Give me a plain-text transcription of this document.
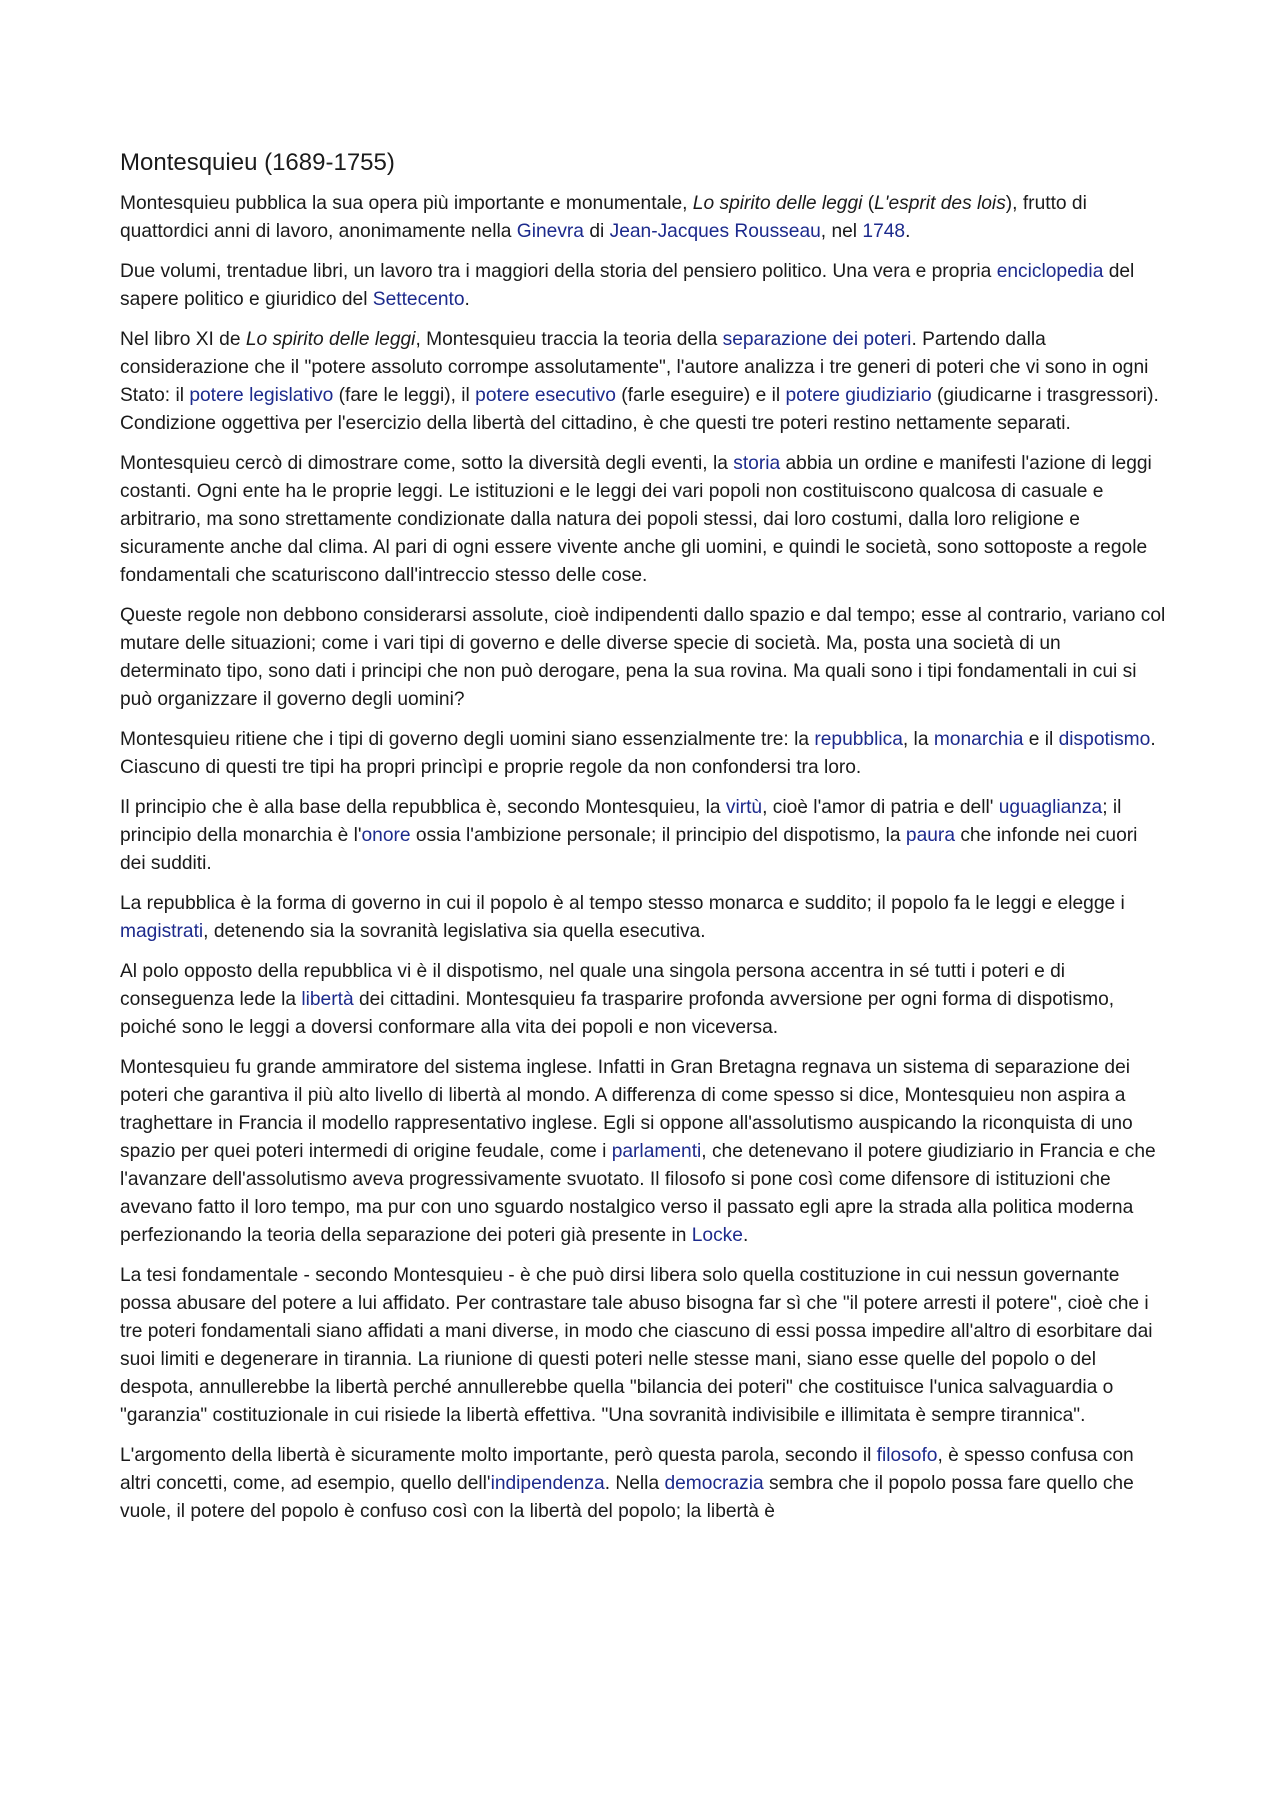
Montesquieu (1689-1755)

Montesquieu pubblica la sua opera più importante e monumentale, Lo spirito delle leggi (L'esprit des lois), frutto di quattordici anni di lavoro, anonimamente nella Ginevra di Jean-Jacques Rousseau, nel 1748.

Due volumi, trentadue libri, un lavoro tra i maggiori della storia del pensiero politico. Una vera e propria enciclopedia del sapere politico e giuridico del Settecento.

Nel libro XI de Lo spirito delle leggi, Montesquieu traccia la teoria della separazione dei poteri. Partendo dalla considerazione che il "potere assoluto corrompe assolutamente", l'autore analizza i tre generi di poteri che vi sono in ogni Stato: il potere legislativo (fare le leggi), il potere esecutivo (farle eseguire) e il potere giudiziario (giudicarne i trasgressori). Condizione oggettiva per l'esercizio della libertà del cittadino, è che questi tre poteri restino nettamente separati.

Montesquieu cercò di dimostrare come, sotto la diversità degli eventi, la storia abbia un ordine e manifesti l'azione di leggi costanti. Ogni ente ha le proprie leggi. Le istituzioni e le leggi dei vari popoli non costituiscono qualcosa di casuale e arbitrario, ma sono strettamente condizionate dalla natura dei popoli stessi, dai loro costumi, dalla loro religione e sicuramente anche dal clima. Al pari di ogni essere vivente anche gli uomini, e quindi le società, sono sottoposte a regole fondamentali che scaturiscono dall'intreccio stesso delle cose.

Queste regole non debbono considerarsi assolute, cioè indipendenti dallo spazio e dal tempo; esse al contrario, variano col mutare delle situazioni; come i vari tipi di governo e delle diverse specie di società. Ma, posta una società di un determinato tipo, sono dati i principi che non può derogare, pena la sua rovina. Ma quali sono i tipi fondamentali in cui si può organizzare il governo degli uomini?

Montesquieu ritiene che i tipi di governo degli uomini siano essenzialmente tre: la repubblica, la monarchia e il dispotismo.
Ciascuno di questi tre tipi ha propri princìpi e proprie regole da non confondersi tra loro.

Il principio che è alla base della repubblica è, secondo Montesquieu, la virtù, cioè l'amor di patria e dell' uguaglianza; il principio della monarchia è l'onore ossia l'ambizione personale; il principio del dispotismo, la paura che infonde nei cuori dei sudditi.

La repubblica è la forma di governo in cui il popolo è al tempo stesso monarca e suddito; il popolo fa le leggi e elegge i magistrati, detenendo sia la sovranità legislativa sia quella esecutiva.

Al polo opposto della repubblica vi è il dispotismo, nel quale una singola persona accentra in sé tutti i poteri e di conseguenza lede la libertà dei cittadini. Montesquieu fa trasparire profonda avversione per ogni forma di dispotismo, poiché sono le leggi a doversi conformare alla vita dei popoli e non viceversa.

Montesquieu fu grande ammiratore del sistema inglese. Infatti in Gran Bretagna regnava un sistema di separazione dei poteri che garantiva il più alto livello di libertà al mondo. A differenza di come spesso si dice, Montesquieu non aspira a traghettare in Francia il modello rappresentativo inglese. Egli si oppone all'assolutismo auspicando la riconquista di uno spazio per quei poteri intermedi di origine feudale, come i parlamenti, che detenevano il potere giudiziario in Francia e che l'avanzare dell'assolutismo aveva progressivamente svuotato. Il filosofo si pone così come difensore di istituzioni che avevano fatto il loro tempo, ma pur con uno sguardo nostalgico verso il passato egli apre la strada alla politica moderna perfezionando la teoria della separazione dei poteri già presente in Locke.

La tesi fondamentale - secondo Montesquieu - è che può dirsi libera solo quella costituzione in cui nessun governante possa abusare del potere a lui affidato. Per contrastare tale abuso bisogna far sì che "il potere arresti il potere", cioè che i tre poteri fondamentali siano affidati a mani diverse, in modo che ciascuno di essi possa impedire all'altro di esorbitare dai suoi limiti e degenerare in tirannia. La riunione di questi poteri nelle stesse mani, siano esse quelle del popolo o del despota, annullerebbe la libertà perché annullerebbe quella "bilancia dei poteri" che costituisce l'unica salvaguardia o "garanzia" costituzionale in cui risiede la libertà effettiva. "Una sovranità indivisibile e illimitata è sempre tirannica".

L'argomento della libertà è sicuramente molto importante, però questa parola, secondo il filosofo, è spesso confusa con altri concetti, come, ad esempio, quello dell'indipendenza. Nella democrazia sembra che il popolo possa fare quello che vuole, il potere del popolo è confuso così con la libertà del popolo; la libertà è
